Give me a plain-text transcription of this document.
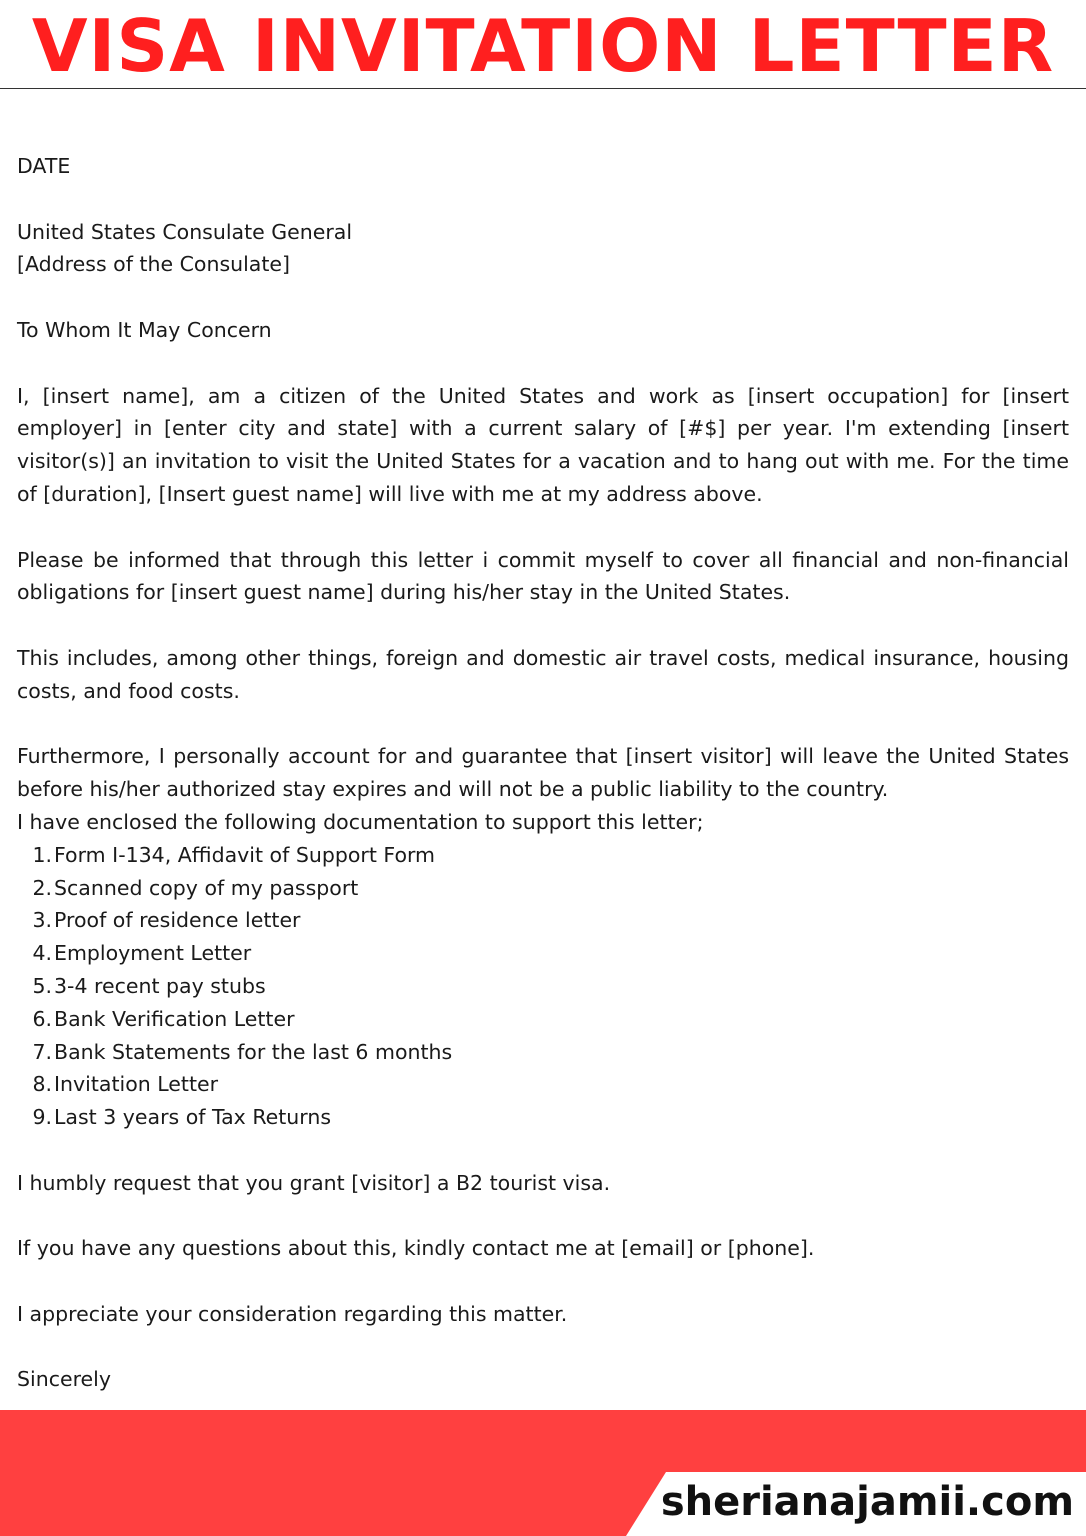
VISA INVITATION LETTER

DATE

United States Consulate General

[Address of the Consulate]

To Whom It May Concern

I, [insert name], am a citizen of the United States and work as [insert occupation] for [insert employer] in [enter city and state] with a current salary of [#$] per year. I'm extending [insert visitor(s)] an invitation to visit the United States for a vacation and to hang out with me. For the time of [duration], [Insert guest name] will live with me at my address above.

Please be informed that through this letter i commit myself to cover all financial and non-financial obligations for [insert guest name] during his/her stay in the United States.

This includes, among other things, foreign and domestic air travel costs, medical insurance, housing costs, and food costs.

Furthermore, I personally account for and guarantee that [insert visitor] will leave the United States before his/her authorized stay expires and will not be a public liability to the country.

I have enclosed the following documentation to support this letter;

1. Form I-134, Affidavit of Support Form
2. Scanned copy of my passport
3. Proof of residence letter
4. Employment Letter
5. 3-4 recent pay stubs
6. Bank Verification Letter
7. Bank Statements for the last 6 months
8. Invitation Letter
9. Last 3 years of Tax Returns

I humbly request that you grant [visitor] a B2 tourist visa.

If you have any questions about this, kindly contact me at [email] or [phone].

I appreciate your consideration regarding this matter.

Sincerely

sherianajamii.com
